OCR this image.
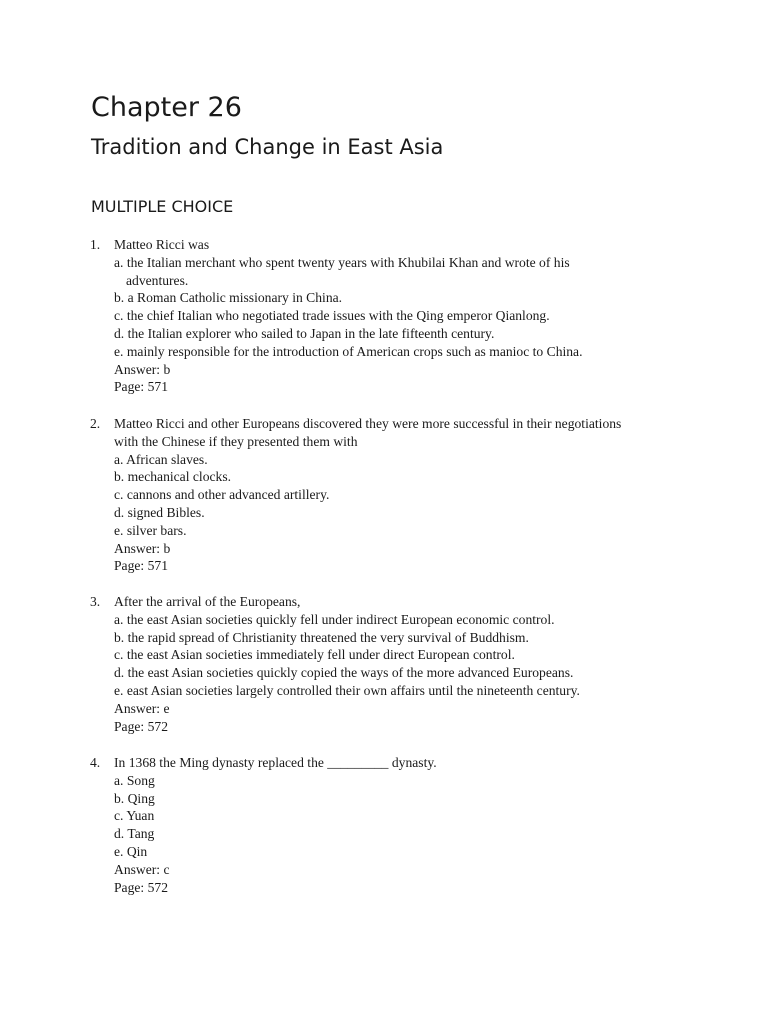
Chapter 26
Tradition and Change in East Asia
MULTIPLE CHOICE
1. Matteo Ricci was
a. the Italian merchant who spent twenty years with Khubilai Khan and wrote of his
adventures.
b. a Roman Catholic missionary in China.
c. the chief Italian who negotiated trade issues with the Qing emperor Qianlong.
d. the Italian explorer who sailed to Japan in the late fifteenth century.
e. mainly responsible for the introduction of American crops such as manioc to China.
Answer: b
Page: 571
2. Matteo Ricci and other Europeans discovered they were more successful in their negotiations
with the Chinese if they presented them with
a. African slaves.
b. mechanical clocks.
c. cannons and other advanced artillery.
d. signed Bibles.
e. silver bars.
Answer: b
Page: 571
3. After the arrival of the Europeans,
a. the east Asian societies quickly fell under indirect European economic control.
b. the rapid spread of Christianity threatened the very survival of Buddhism.
c. the east Asian societies immediately fell under direct European control.
d. the east Asian societies quickly copied the ways of the more advanced Europeans.
e. east Asian societies largely controlled their own affairs until the nineteenth century.
Answer: e
Page: 572
4. In 1368 the Ming dynasty replaced the _________ dynasty.
a. Song
b. Qing
c. Yuan
d. Tang
e. Qin
Answer: c
Page: 572
